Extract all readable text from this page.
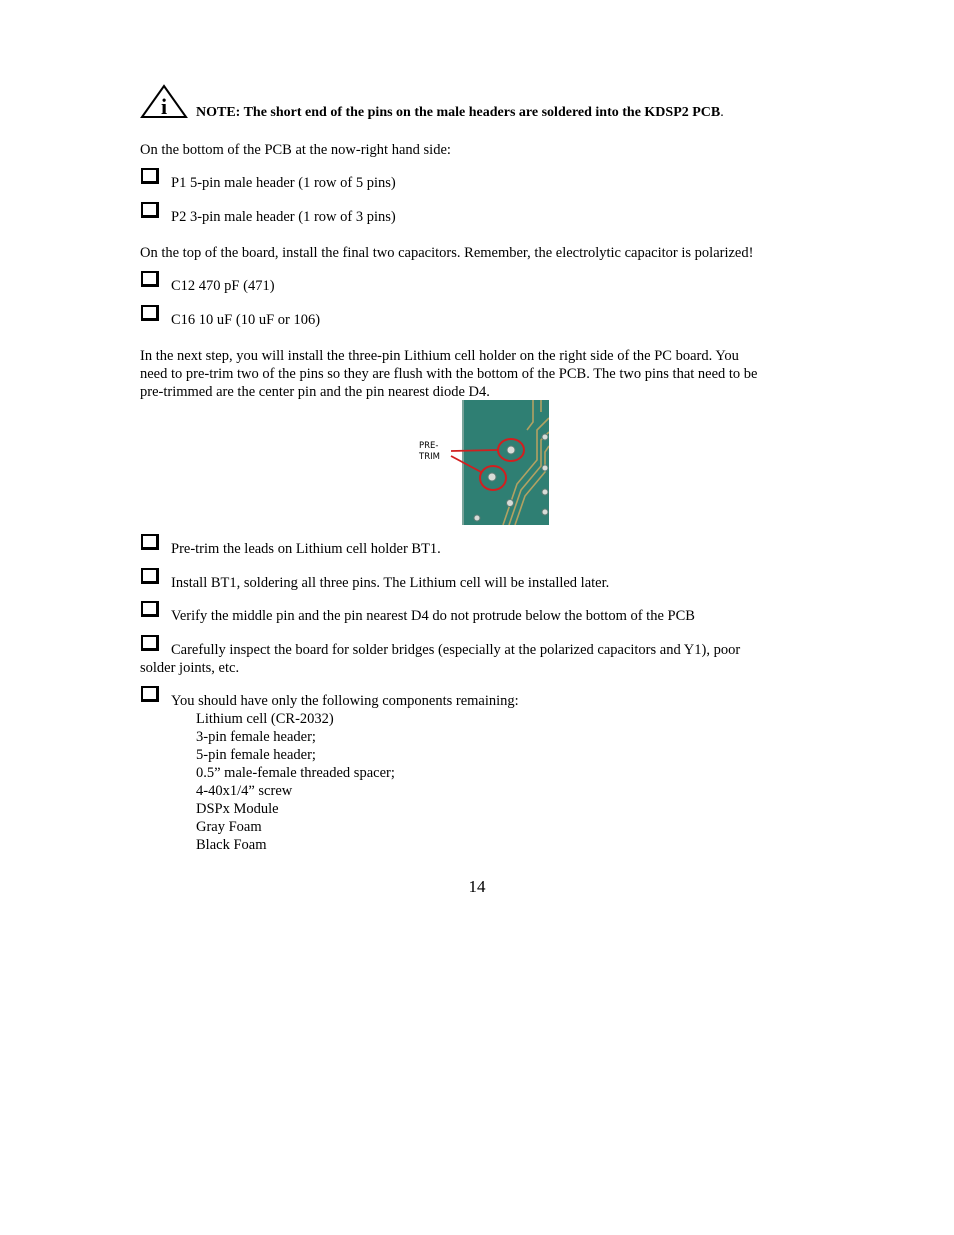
i NOTE: The short end of the pins on the male headers are soldered into the KDSP2 PCB.
On the bottom of the PCB at the now-right hand side:
P1 5-pin male header (1 row of 5 pins)
P2 3-pin male header (1 row of 3 pins)
On the top of the board, install the final two capacitors. Remember, the electrolytic capacitor is polarized!
C12 470 pF (471)
C16 10 uF (10 uF or 106)
In the next step, you will install the three-pin Lithium cell holder on the right side of the PC board. You
need to pre-trim two of the pins so they are flush with the bottom of the PCB. The two pins that need to be
pre-trimmed are the center pin and the pin nearest diode D4.
PRE-
TRIM
Pre-trim the leads on Lithium cell holder BT1.
Install BT1, soldering all three pins. The Lithium cell will be installed later.
Verify the middle pin and the pin nearest D4 do not protrude below the bottom of the PCB
Carefully inspect the board for solder bridges (especially at the polarized capacitors and Y1), poor
solder joints, etc.
You should have only the following components remaining:
Lithium cell (CR-2032)
3-pin female header;
5-pin female header;
0.5” male-female threaded spacer;
4-40x1/4” screw
DSPx Module
Gray Foam
Black Foam
14
